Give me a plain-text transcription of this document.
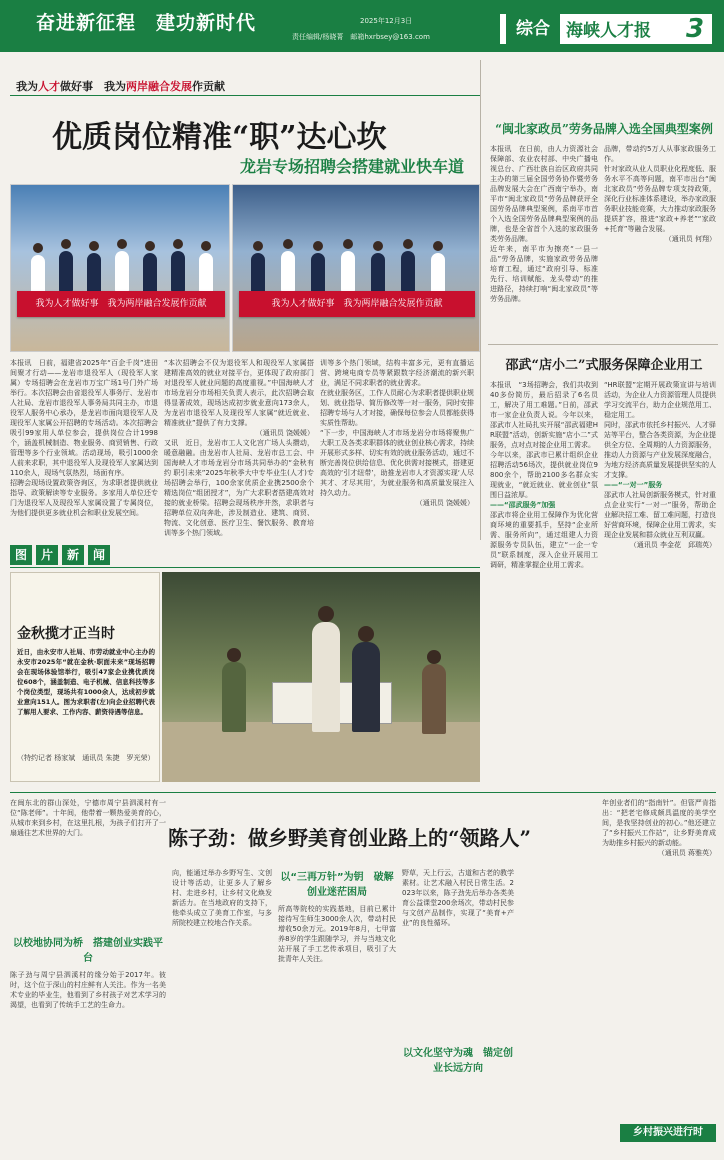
奋进新征程　建功新时代	2025年12月3日
责任编辑/杨晓菁　邮箱hxrbsey@163.com	综合 海峡人才报 3
我为人才做好事　我为两岸融合发展作贡献
优质岗位精准“职”达心坎
龙岩专场招聘会搭建就业快车道
我为人才做好事　我为两岸融合发展作贡献	我为人才做好事　我为两岸融合发展作贡献
本报讯　日前，福建省2025年“百企千岗”进田间聚才行动——龙岩市退役军人（现役军人家属）专场招聘会在龙岩市万宝广场1号门外广场举行。本次招聘会由省退役军人事务厅、龙岩市人社局、龙岩市退役军人事务局共同主办，市退役军人服务中心承办，是龙岩市面向退役军人及现役军人家属公开招聘的专场活动。本次招聘会吸引99家用人单位参会，提供岗位合计1998个，涵盖机械制造、物业服务、商贸销售、行政管理等多个行业领域。活动现场，吸引1000余人前来求职，其中退役军人及现役军人家属达到110余人，现场气氛热烈，场面有序。
招聘会现场设置政策咨询区，为求职者提供就业指导、政策解读等专业服务。多家用人单位还专门为退役军人及现役军人家属设置了专属岗位，为他们提供更多就业机会和职业发展空间。
“本次招聘会不仅为退役军人和现役军人家属搭建精准高效的就业对接平台，更体现了政府部门对退役军人就业问题的高度重视。”中国海峡人才市场龙岩分市场相关负责人表示，此次招聘会取得显著成效，现场达成初步就业意向173余人，为龙岩市退役军人及现役军人家属“就近就业、精准就业”提供了有力支撑。
（通讯员 饶媛媛）
又讯　近日，龙岩市工人文化宫广场人头攒动，暖意融融。由龙岩市人社局、龙岩市总工会、中国海峡人才市场龙岩分市场共同举办的“金秋有约 职引未来”2025年秋季大中专毕业生(人才)专场招聘会举行，100余家优质企业携2500余个精选岗位“组团授才”，为广大求职者搭建高效对接的就业桥梁。招聘会现场秩序井然，求职者与招聘单位双向奔赴，涉及制造业、建筑、商贸、物流、文化创意、医疗卫生、餐饮服务、教育培训等多个热门领域。
训等多个热门领域，结构丰富多元，更有直播运营、跨境电商专员等紧跟数字经济潮流的新兴职业，满足不同求职者的就业需求。
在就业服务区，工作人员耐心为求职者提供职业规划、就业指导、简历修改等一对一服务，同时安排招聘专场与人才对接，确保每位参会人员都能获得实质性帮助。
“下一步，中国海峡人才市场龙岩分市场将聚焦广大职工及各类求职群体的就业创业核心需求，持续开展形式多样、切实有效的就业服务活动，通过不断完善岗位供给信息、优化供需对接模式，搭建更高效的‘引才纽带’，助推龙岩市人才资源实现‘人尽其才、才尽其用’，为就业服务和高质量发展注入持久动力。
（通讯员 饶媛媛）
“闽北家政员”劳务品牌入选全国典型案例
本报讯　在日前，由人力资源社会保障部、农业农村部、中央广播电视总台、广西壮族自治区政府共同主办的第三届全国劳务协作暨劳务品牌发展大会在广西南宁举办，南平市“闽北家政员”劳务品牌获评全国劳务品牌典型案例，系南平市首个入选全国劳务品牌典型案例的品牌，也是全省首个入选的家政服务类劳务品牌。
近年来，南平市为擦亮“一县一品”劳务品牌，实施家政劳务品牌培育工程，通过“政府引导、标准先行、培训赋能、龙头带动”的推进路径，持续打响“闽北家政员”等劳务品牌。
品牌，带动约5万人从事家政服务工作。
针对家政从业人员职业化程度低、服务水平不高等问题，南平市出台“闽北家政员”劳务品牌专项支持政策，深化行业标准体系建设，举办家政服务职业技能竞赛，大力推动家政服务提质扩容，推进“家政+养老”“家政+托育”等融合发展。
（通讯员 何翔）
邵武“店小二”式服务保障企业用工
本报讯　“3场招聘会，我们共收到40多份简历，最后招录了6名员工，解决了用工难题。”日前，邵武市一家企业负责人说。今年以来，邵武市人社局扎实开展“邵武福建HR联盟”活动，创新实施“店小二”式服务，点对点对接企业用工需求。
今年以来，邵武市已累计组织企业招聘活动56场次，提供就业岗位9800余个，帮助2100多名群众实现就业，“就近就业、就业创业”氛围日益浓厚。
——“邵武服务”加强
邵武市将企业用工保障作为优化营商环境的重要抓手，坚持“企业所需、服务所向”，通过组建人力资源服务专员队伍，建立“一企一专员”联系制度，深入企业开展用工调研，精准掌握企业用工需求。
“HR联盟”定期开展政策宣讲与培训活动，为企业人力资源管理人员提供学习交流平台，助力企业规范用工、稳定用工。
同时，邵武市依托乡村振兴、人才驿站等平台，整合各类资源，为企业提供全方位、全周期的人力资源服务，推动人力资源与产业发展深度融合，为地方经济高质量发展提供坚实的人才支撑。
——“一对一”服务
邵武市人社局创新服务模式，针对重点企业实行“一对一”服务，帮助企业解决招工难、留工难问题，打造良好营商环境，保障企业用工需求，实现企业发展和群众就业互利双赢。
（通讯员 李金花　邱瑞英）
图 片 新 闻
金秋揽才正当时
近日，由永安市人社局、市劳动就业中心主办的永安市2025年“就在金秋·职面未来”现场招聘会在现场体验馆举行，吸引47家企业携优质岗位608个，涵盖制造、电子机械、信息科技等多个岗位类型，现场共有1000余人，达成初步就业意向151人。图为求职者(左)向企业招聘代表了解用人要求、工作内容、薪资待遇等信息。
（特约记者 杨家斌　通讯员 朱捷　罗光荣）
在闽东北的群山深处，宁德市周宁县泗溪村有一位“陈老师”。十年间，他带着一颗热爱美育的心，从城市来到乡村，在这里扎根，为孩子们打开了一扇通往艺术世界的大门。
以校地协同为桥　搭建创业实践平台
陈子劲与周宁县泗溪村的缘分始于2017年。彼时，这个位于深山的村庄鲜有人关注。作为一名美术专业的毕业生，他看到了乡村孩子对艺术学习的渴望，也看到了传统手工艺的生命力。
陈子劲：做乡野美育创业路上的“领路人”
向，能通过举办乡野写生、文创设计等活动，让更多人了解乡村、走进乡村，让乡村文化焕发新活力。在当地政府的支持下，他牵头成立了美育工作室，与多所院校建立校地合作关系。
以“三再万针”为钥　破解创业迷茫困局
所高等院校的实践基地，目前已累计接待写生师生3000余人次，带动村民增收50余万元。2019年8月，七甲富养8岁的学生跟随学习，并与当地文化站开展了手工艺传承项目，吸引了大批青年人关注。
野草，天上行云，古道和古老的教学素材。让艺术融入村民日常生活。2023年以来，陈子劲先后举办各类美育公益课堂200余场次，带动村民参与文创产品制作，实现了“美育+产业”的良性循环。
以文化坚守为魂　锚定创业长远方向
年创业者们的“指南针”。但管严肯指出：“把老宅修成颇具温度的美学空间，是我坚持创业的初心。”他还建立了“乡村振兴工作站”，让乡野美育成为助推乡村振兴的新动能。
（通讯员 蒋雅英）
乡村振兴进行时
